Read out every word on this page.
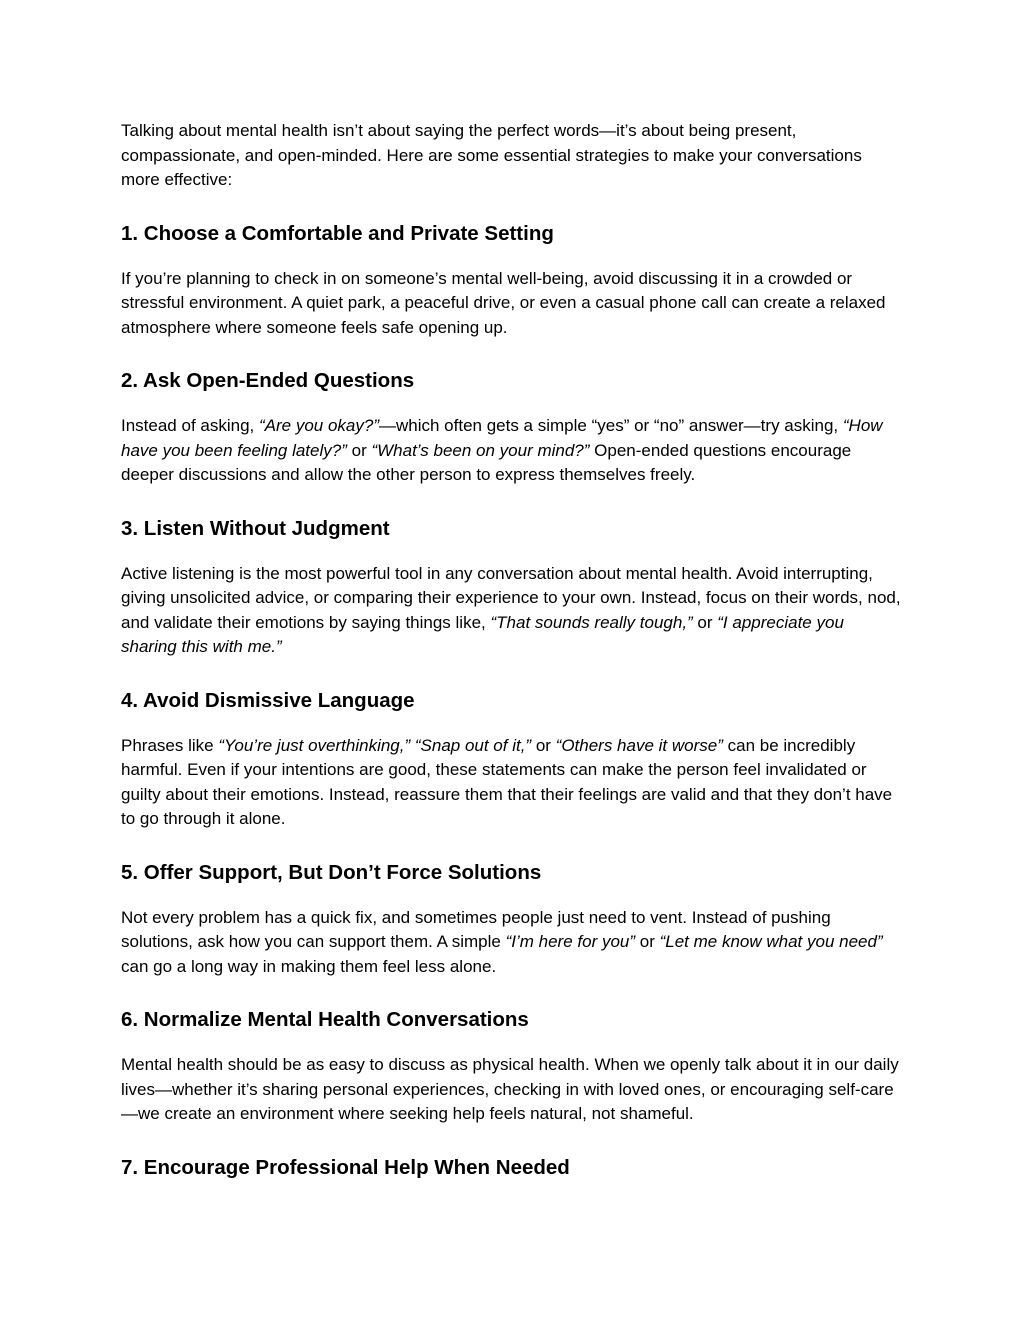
Talking about mental health isn’t about saying the perfect words—it’s about being present, compassionate, and open-minded. Here are some essential strategies to make your conversations more effective:

1. Choose a Comfortable and Private Setting

If you’re planning to check in on someone’s mental well-being, avoid discussing it in a crowded or stressful environment. A quiet park, a peaceful drive, or even a casual phone call can create a relaxed atmosphere where someone feels safe opening up.

2. Ask Open-Ended Questions

Instead of asking, “Are you okay?”—which often gets a simple “yes” or “no” answer—try asking, “How have you been feeling lately?” or “What’s been on your mind?” Open-ended questions encourage deeper discussions and allow the other person to express themselves freely.

3. Listen Without Judgment

Active listening is the most powerful tool in any conversation about mental health. Avoid interrupting, giving unsolicited advice, or comparing their experience to your own. Instead, focus on their words, nod, and validate their emotions by saying things like, “That sounds really tough,” or “I appreciate you sharing this with me.”

4. Avoid Dismissive Language

Phrases like “You’re just overthinking,” “Snap out of it,” or “Others have it worse” can be incredibly harmful. Even if your intentions are good, these statements can make the person feel invalidated or guilty about their emotions. Instead, reassure them that their feelings are valid and that they don’t have to go through it alone.

5. Offer Support, But Don’t Force Solutions

Not every problem has a quick fix, and sometimes people just need to vent. Instead of pushing solutions, ask how you can support them. A simple “I’m here for you” or “Let me know what you need” can go a long way in making them feel less alone.

6. Normalize Mental Health Conversations

Mental health should be as easy to discuss as physical health. When we openly talk about it in our daily lives—whether it’s sharing personal experiences, checking in with loved ones, or encouraging self-care—we create an environment where seeking help feels natural, not shameful.

7. Encourage Professional Help When Needed
